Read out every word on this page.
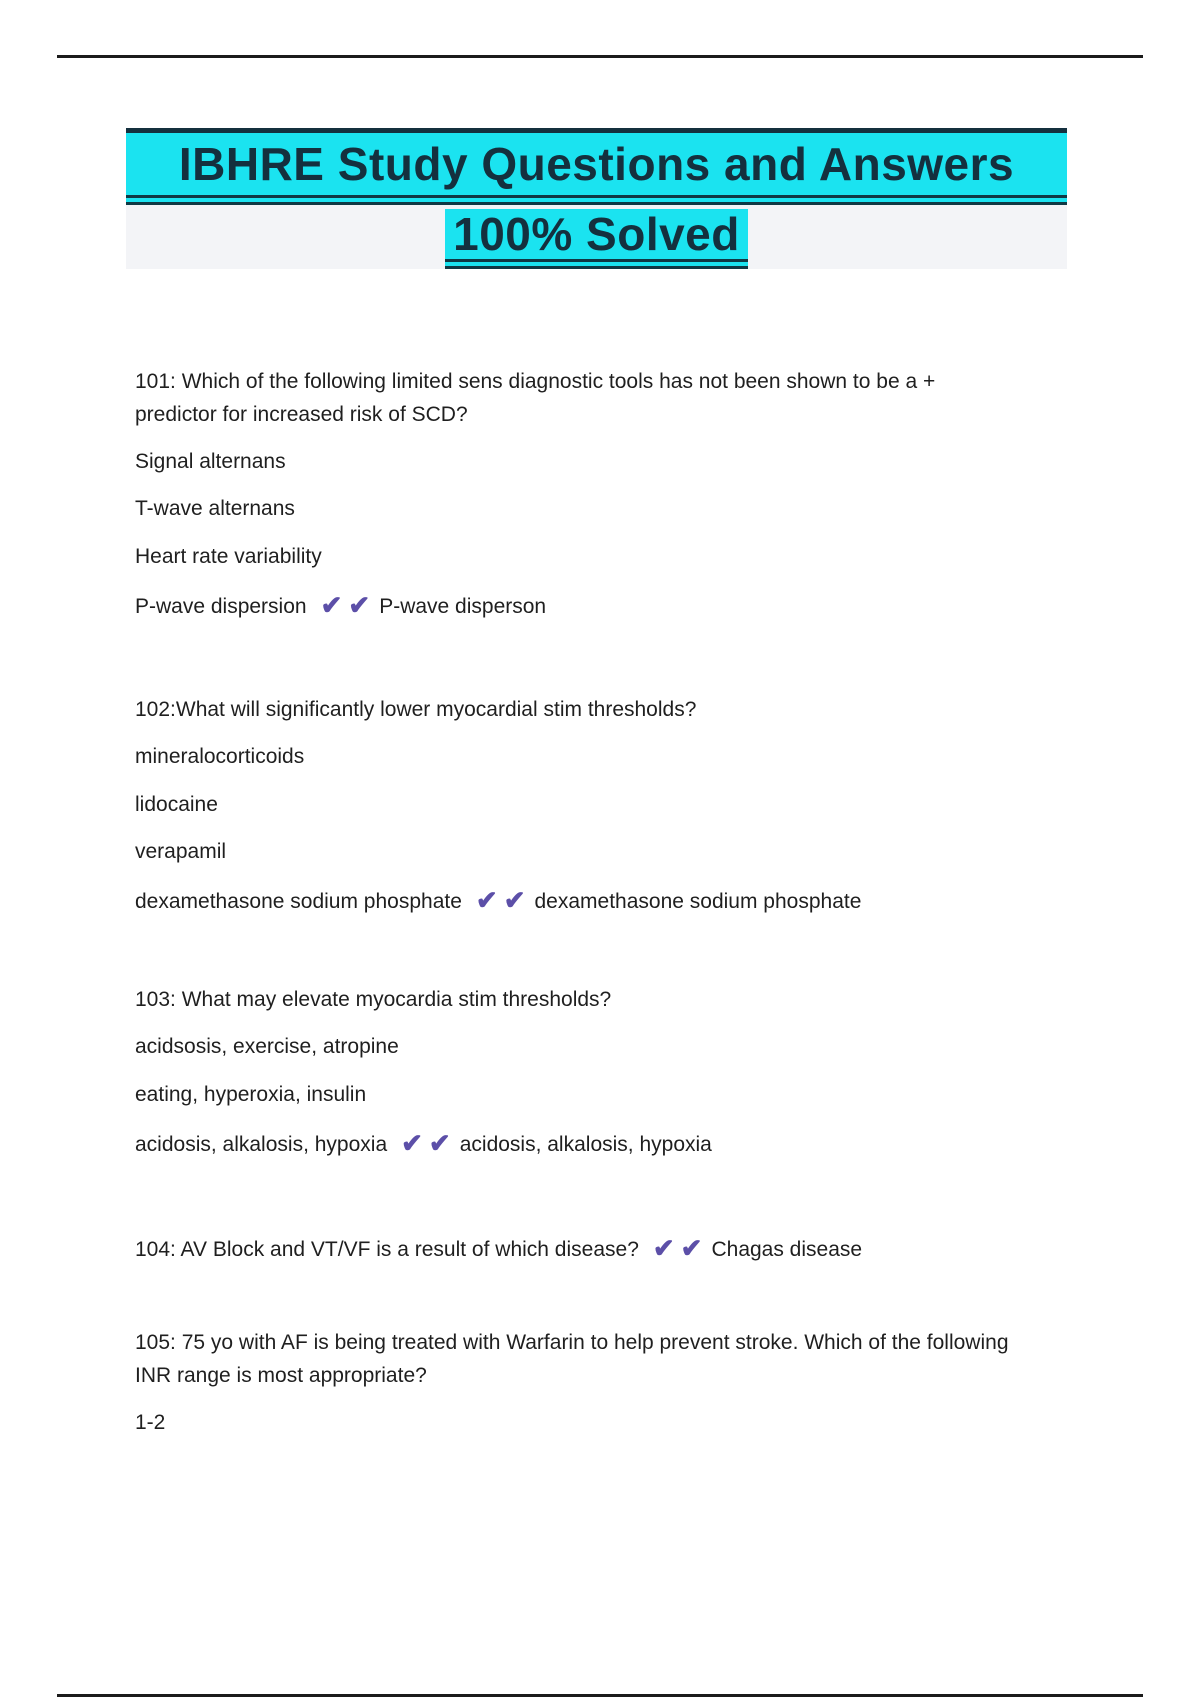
IBHRE Study Questions and Answers
100% Solved
101: Which of the following limited sens diagnostic tools has not been shown to be a +
predictor for increased risk of SCD?
Signal alternans
T-wave alternans
Heart rate variability
P-wave dispersion ✔ ✔ P-wave disperson
102:What will significantly lower myocardial stim thresholds?
mineralocorticoids
lidocaine
verapamil
dexamethasone sodium phosphate ✔ ✔ dexamethasone sodium phosphate
103: What may elevate myocardia stim thresholds?
acidsosis, exercise, atropine
eating, hyperoxia, insulin
acidosis, alkalosis, hypoxia ✔ ✔ acidosis, alkalosis, hypoxia
104: AV Block and VT/VF is a result of which disease? ✔ ✔ Chagas disease
105: 75 yo with AF is being treated with Warfarin to help prevent stroke. Which of the following
INR range is most appropriate?
1-2
